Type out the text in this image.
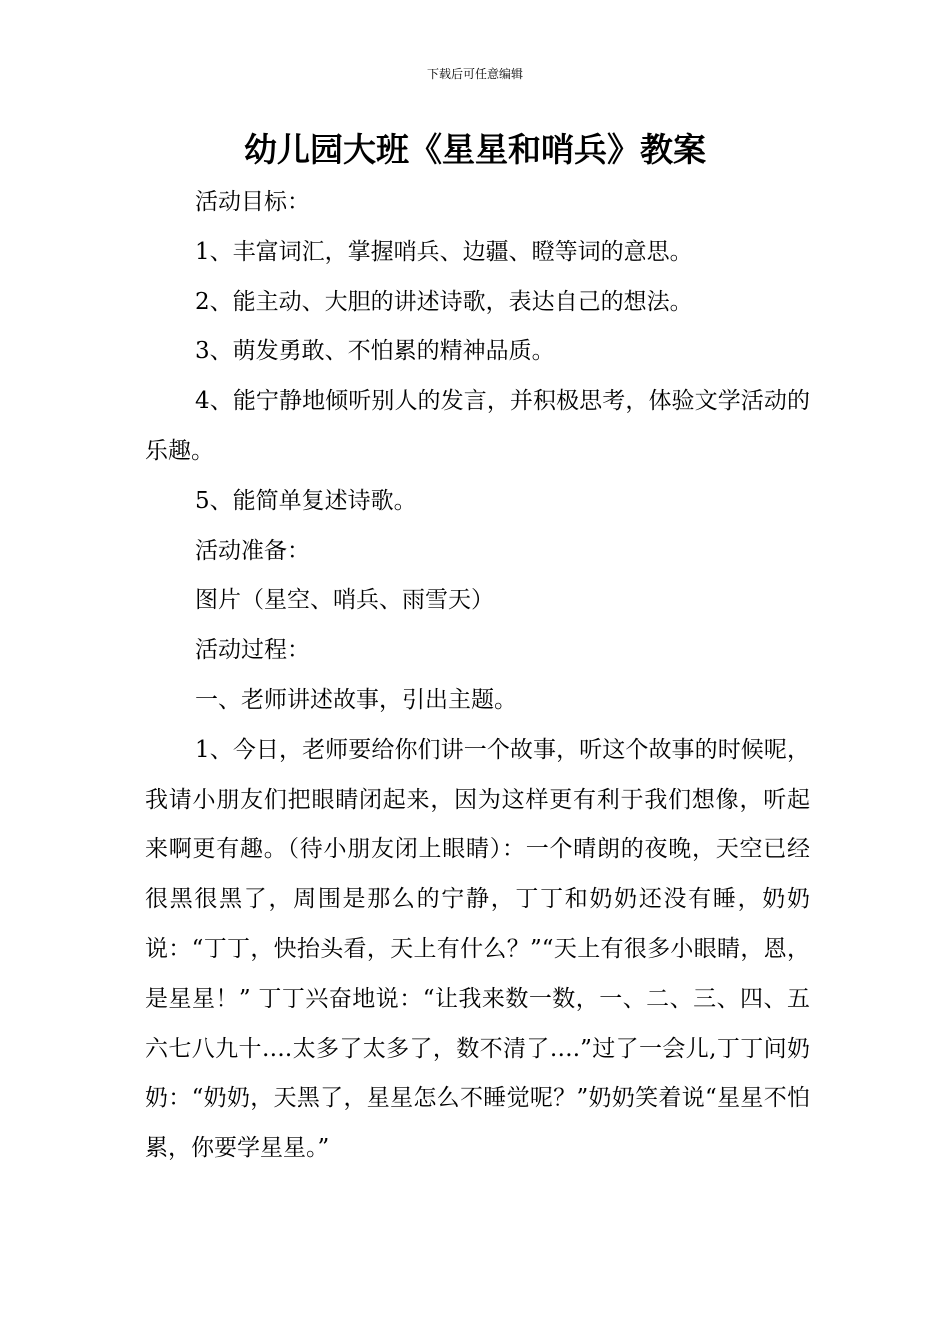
下载后可任意编辑
幼儿园大班《星星和哨兵》教案

活动目标：

1、丰富词汇，掌握哨兵、边疆、瞪等词的意思。

2、能主动、大胆的讲述诗歌，表达自己的想法。

3、萌发勇敢、不怕累的精神品质。

4、能宁静地倾听别人的发言，并积极思考，体验文学活动的乐趣。

5、能简单复述诗歌。

活动准备：

图片（星空、哨兵、雨雪天）

活动过程：

一、老师讲述故事，引出主题。

1、今日，老师要给你们讲一个故事，听这个故事的时候呢，我请小朋友们把眼睛闭起来，因为这样更有利于我们想像，听起来啊更有趣。（待小朋友闭上眼睛）：一个晴朗的夜晚，天空已经很黑很黑了，周围是那么的宁静，丁丁和奶奶还没有睡，奶奶说：“丁丁，快抬头看，天上有什么？”“天上有很多小眼睛，恩，是星星！” 丁丁兴奋地说：“让我来数一数，一、二、三、四、五六七八九十….太多了太多了，数不清了….”过了一会儿,丁丁问奶奶：“奶奶，天黑了，星星怎么不睡觉呢？”奶奶笑着说“星星不怕累，你要学星星。”
